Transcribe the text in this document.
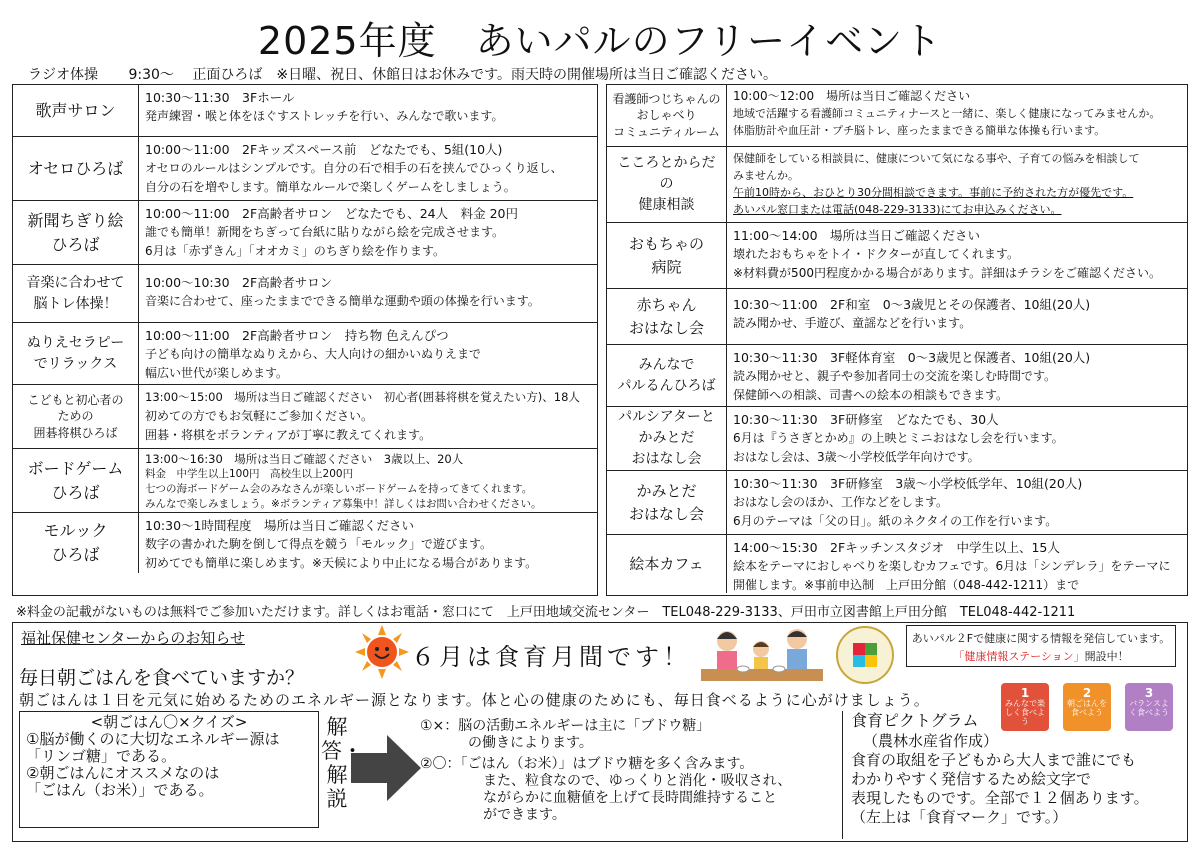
2025年度　あいパルのフリーイベント
ラジオ体操 9:30〜 正面ひろば　※日曜、祝日、休館日はお休みです。雨天時の開催場所は当日ご確認ください。
歌声サロン
10:30〜11:30　3Fホール
発声練習・喉と体をほぐすストレッチを行い、みんなで歌います。
オセロひろば
10:00〜11:00　2Fキッズスペース前　どなたでも、5組(10人)
オセロのルールはシンプルです。自分の石で相手の石を挟んでひっくり返し、
自分の石を増やします。簡単なルールで楽しくゲームをしましょう。
新聞ちぎり絵
ひろば
10:00〜11:00　2F高齢者サロン　どなたでも、24人　料金 20円
誰でも簡単！新聞をちぎって台紙に貼りながら絵を完成させます。
6月は「赤ずきん」「オオカミ」のちぎり絵を作ります。
音楽に合わせて
脳トレ体操！
10:00〜10:30　2F高齢者サロン
音楽に合わせて、座ったままでできる簡単な運動や頭の体操を行います。
ぬりえセラピー
でリラックス
10:00〜11:00　2F高齢者サロン　持ち物 色えんぴつ
子ども向けの簡単なぬりえから、大人向けの細かいぬりえまで
幅広い世代が楽しめます。
こどもと初心者の
ための
囲碁将棋ひろば
13:00〜15:00　場所は当日ご確認ください　初心者(囲碁将棋を覚えたい方)、18人
初めての方でもお気軽にご参加ください。
囲碁・将棋をボランティアが丁寧に教えてくれます。
ボードゲーム
ひろば
13:00〜16:30　場所は当日ご確認ください　3歳以上、20人
料金　中学生以上100円　高校生以上200円
七つの海ボードゲーム会のみなさんが楽しいボードゲームを持ってきてくれます。
みんなで楽しみましょう。※ボランティア募集中！詳しくはお問い合わせください。
モルック
ひろば
10:30〜1時間程度　場所は当日ご確認ください
数字の書かれた駒を倒して得点を競う「モルック」で遊びます。
初めてでも簡単に楽しめます。※天候により中止になる場合があります。
看護師つじちゃんの
おしゃべり
コミュニティルーム
10:00〜12:00　場所は当日ご確認ください
地域で活躍する看護師コミュニティナースと一緒に、楽しく健康になってみませんか。
体脂肪計や血圧計・プチ脳トレ、座ったままできる簡単な体操も行います。
こころとからだの
健康相談
保健師をしている相談員に、健康について気になる事や、子育ての悩みを相談して
みませんか。
午前10時から、おひとり30分間相談できます。事前に予約された方が優先です。
あいパル窓口または電話(048-229-3133)にてお申込みください。
おもちゃの
病院
11:00〜14:00　場所は当日ご確認ください
壊れたおもちゃをトイ・ドクターが直してくれます。
※材料費が500円程度かかる場合があります。詳細はチラシをご確認ください。
赤ちゃん
おはなし会
10:30〜11:00　2F和室　0〜3歳児とその保護者、10組(20人)
読み聞かせ、手遊び、童謡などを行います。
みんなで
パルるんひろば
10:30〜11:30　3F軽体育室　0〜3歳児と保護者、10組(20人)
読み聞かせと、親子や参加者同士の交流を楽しむ時間です。
保健師への相談、司書への絵本の相談もできます。
パルシアターと
かみとだ
おはなし会
10:30〜11:30　3F研修室　どなたでも、30人
6月は『うさぎとかめ』の上映とミニおはなし会を行います。
おはなし会は、3歳〜小学校低学年向けです。
かみとだ
おはなし会
10:30〜11:30　3F研修室　3歳〜小学校低学年、10組(20人)
おはなし会のほか、工作などをします。
6月のテーマは「父の日」。紙のネクタイの工作を行います。
絵本カフェ
14:00〜15:30　2Fキッチンスタジオ　中学生以上、15人
絵本をテーマにおしゃべりを楽しむカフェです。6月は「シンデレラ」をテーマに
開催します。※事前申込制　上戸田分館（048-442-1211）まで
※料金の記載がないものは無料でご参加いただけます。詳しくはお電話・窓口にて　上戸田地域交流センター　TEL048-229-3133、戸田市立図書館上戸田分館　TEL048-442-1211
福祉保健センターからのお知らせ
６月は食育月間です！
あいパル２Fで健康に関する情報を発信しています。
「健康情報ステーション」開設中！
毎日朝ごはんを食べていますか？
朝ごはんは１日を元気に始めるためのエネルギー源となります。体と心の健康のためにも、毎日食べるように心がけましょう。	1
みんなで楽しく食べよう
2
朝ごはんを食べよう
3
バランスよく食べよう
<朝ごはん〇×クイズ>
①脳が働くのに大切なエネルギー源は
「リンゴ糖」である。
②朝ごはんにオススメなのは
「ごはん（お米）」である。
解答・解説
①×：脳の活動エネルギーは主に「ブドウ糖」
の働きによります。
②〇：「ごはん（お米）」はブドウ糖を多く含みます。
また、粒食なので、ゆっくりと消化・吸収され、
ながらかに血糖値を上げて長時間維持すること
ができます。
食育ピクトグラム
（農林水産省作成）
食育の取組を子どもから大人まで誰にでも
わかりやすく発信するため絵文字で
表現したものです。全部で１２個あります。
（左上は「食育マーク」です。）
